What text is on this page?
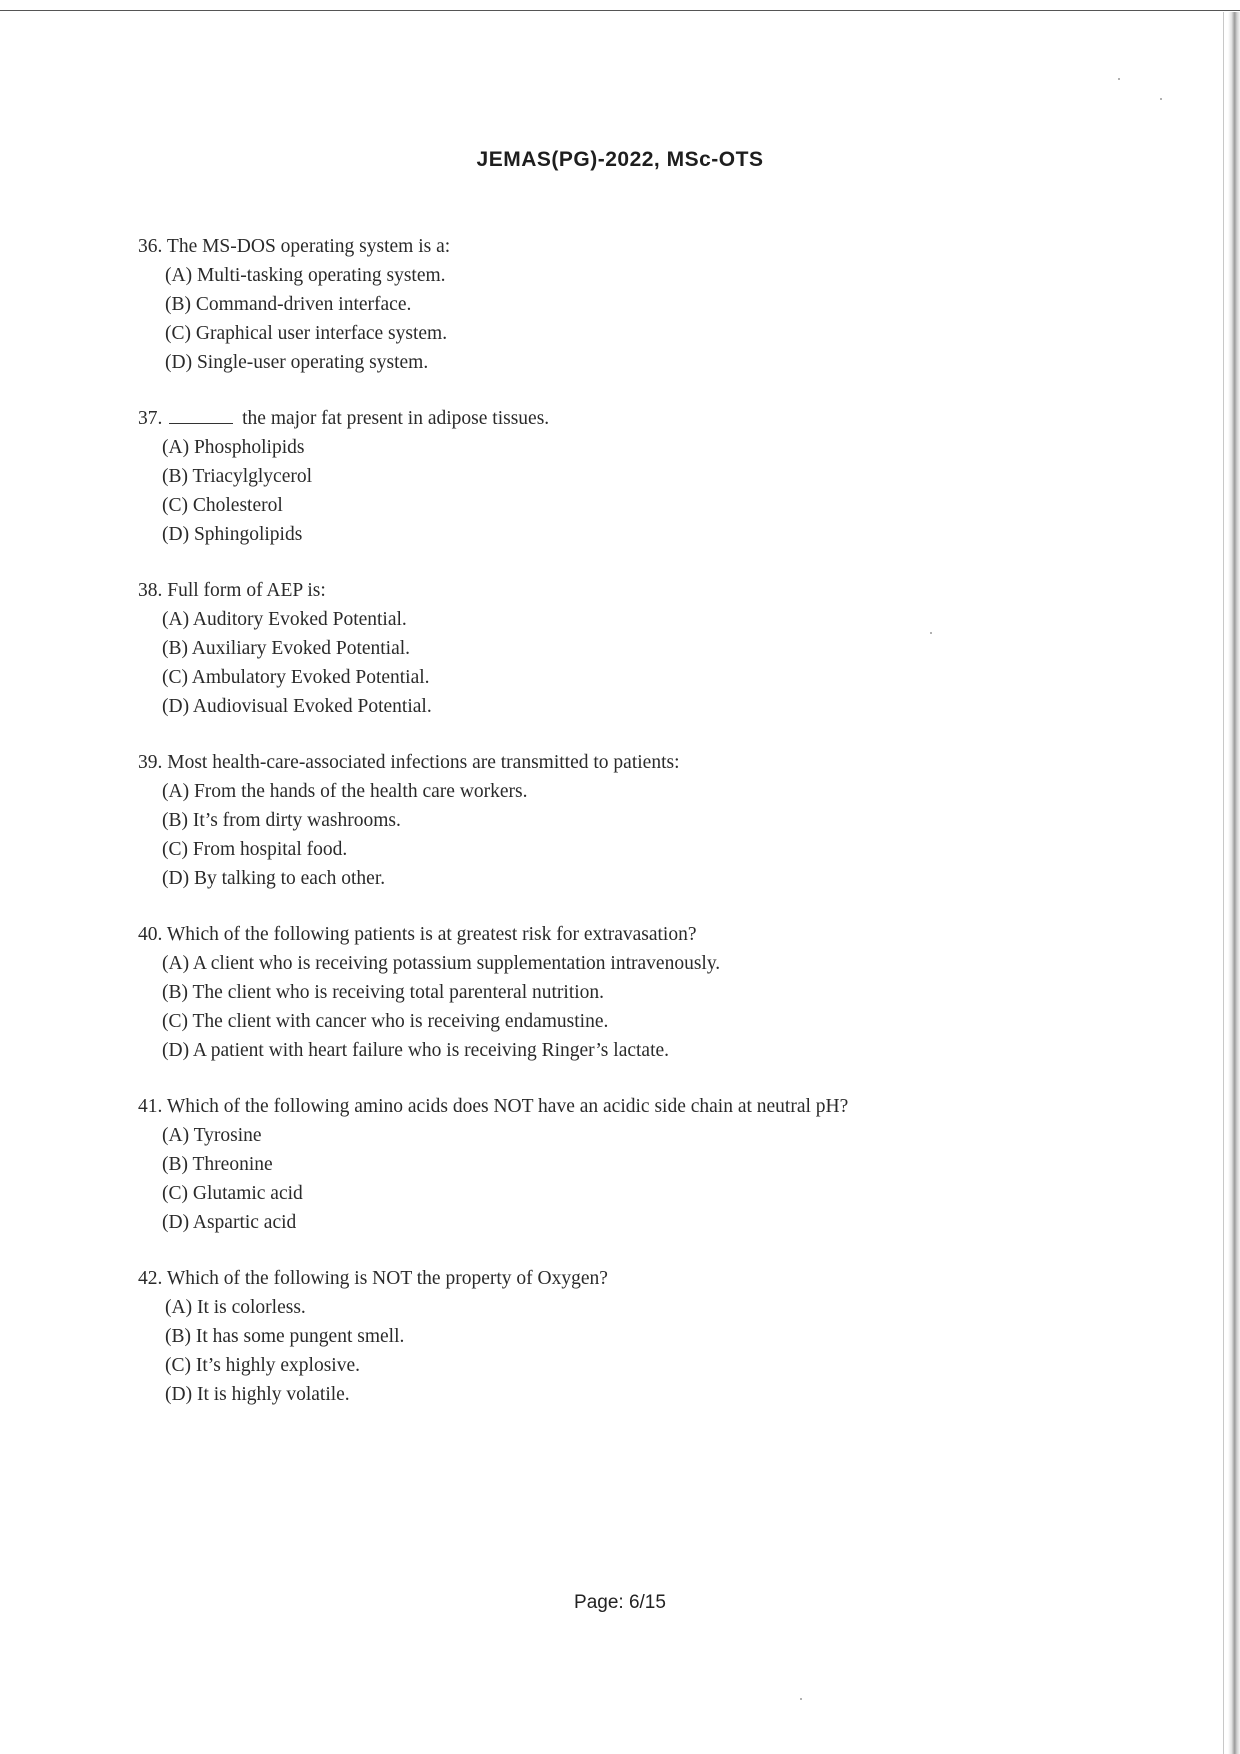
JEMAS(PG)-2022, MSc-OTS
36. The MS-DOS operating system is a:
(A) Multi-tasking operating system.
(B) Command-driven interface.
(C) Graphical user interface system.
(D) Single-user operating system.
37.	the major fat present in adipose tissues.
(A) Phospholipids
(B) Triacylglycerol
(C) Cholesterol
(D) Sphingolipids
38. Full form of AEP is:
(A) Auditory Evoked Potential.
(B) Auxiliary Evoked Potential.
(C) Ambulatory Evoked Potential.
(D) Audiovisual Evoked Potential.
39. Most health-care-associated infections are transmitted to patients:
(A) From the hands of the health care workers.
(B) It’s from dirty washrooms.
(C) From hospital food.
(D) By talking to each other.
40. Which of the following patients is at greatest risk for extravasation?
(A) A client who is receiving potassium supplementation intravenously.
(B) The client who is receiving total parenteral nutrition.
(C) The client with cancer who is receiving endamustine.
(D) A patient with heart failure who is receiving Ringer’s lactate.
41. Which of the following amino acids does NOT have an acidic side chain at neutral pH?
(A) Tyrosine
(B) Threonine
(C) Glutamic acid
(D) Aspartic acid
42. Which of the following is NOT the property of Oxygen?
(A) It is colorless.
(B) It has some pungent smell.
(C) It’s highly explosive.
(D) It is highly volatile.
Page: 6/15
